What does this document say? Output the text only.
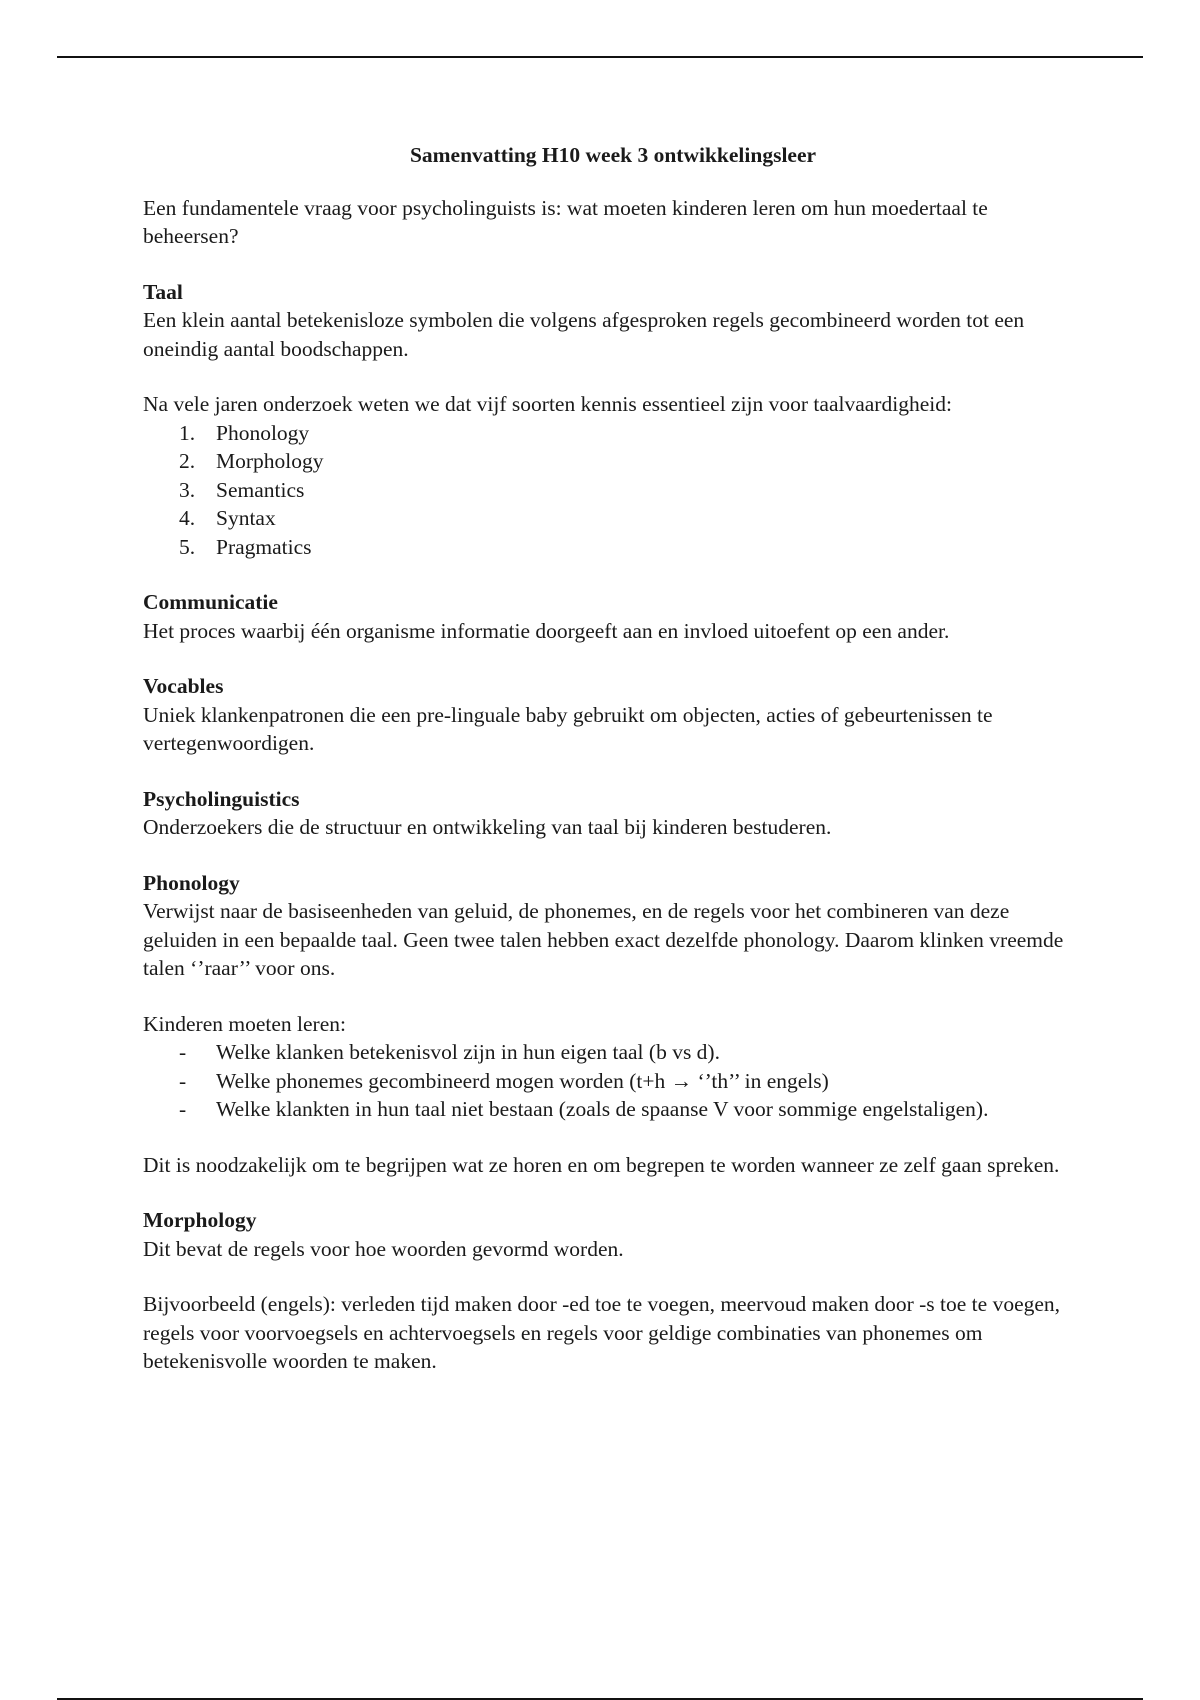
Samenvatting H10 week 3 ontwikkelingsleer

Een fundamentele vraag voor psycholinguists is: wat moeten kinderen leren om hun moedertaal te beheersen?

Taal
Een klein aantal betekenisloze symbolen die volgens afgesproken regels gecombineerd worden tot een oneindig aantal boodschappen.
Na vele jaren onderzoek weten we dat vijf soorten kennis essentieel zijn voor taalvaardigheid:
1. Phonology
2. Morphology
3. Semantics
4. Syntax
5. Pragmatics
Communicatie
Het proces waarbij één organisme informatie doorgeeft aan en invloed uitoefent op een ander.
Vocables
Uniek klankenpatronen die een pre-linguale baby gebruikt om objecten, acties of gebeurtenissen te vertegenwoordigen.
Psycholinguistics
Onderzoekers die de structuur en ontwikkeling van taal bij kinderen bestuderen.
Phonology
Verwijst naar de basiseenheden van geluid, de phonemes, en de regels voor het combineren van deze geluiden in een bepaalde taal. Geen twee talen hebben exact dezelfde phonology. Daarom klinken vreemde talen ‘’raar’’ voor ons.
Kinderen moeten leren:
- Welke klanken betekenisvol zijn in hun eigen taal (b vs d).
- Welke phonemes gecombineerd mogen worden (t+h → ‘’th’’ in engels)
- Welke klankten in hun taal niet bestaan (zoals de spaanse V voor sommige engelstaligen).

Dit is noodzakelijk om te begrijpen wat ze horen en om begrepen te worden wanneer ze zelf gaan spreken.

Morphology
Dit bevat de regels voor hoe woorden gevormd worden.

Bijvoorbeeld (engels): verleden tijd maken door -ed toe te voegen, meervoud maken door -s toe te voegen, regels voor voorvoegsels en achtervoegsels en regels voor geldige combinaties van phonemes om betekenisvolle woorden te maken.
